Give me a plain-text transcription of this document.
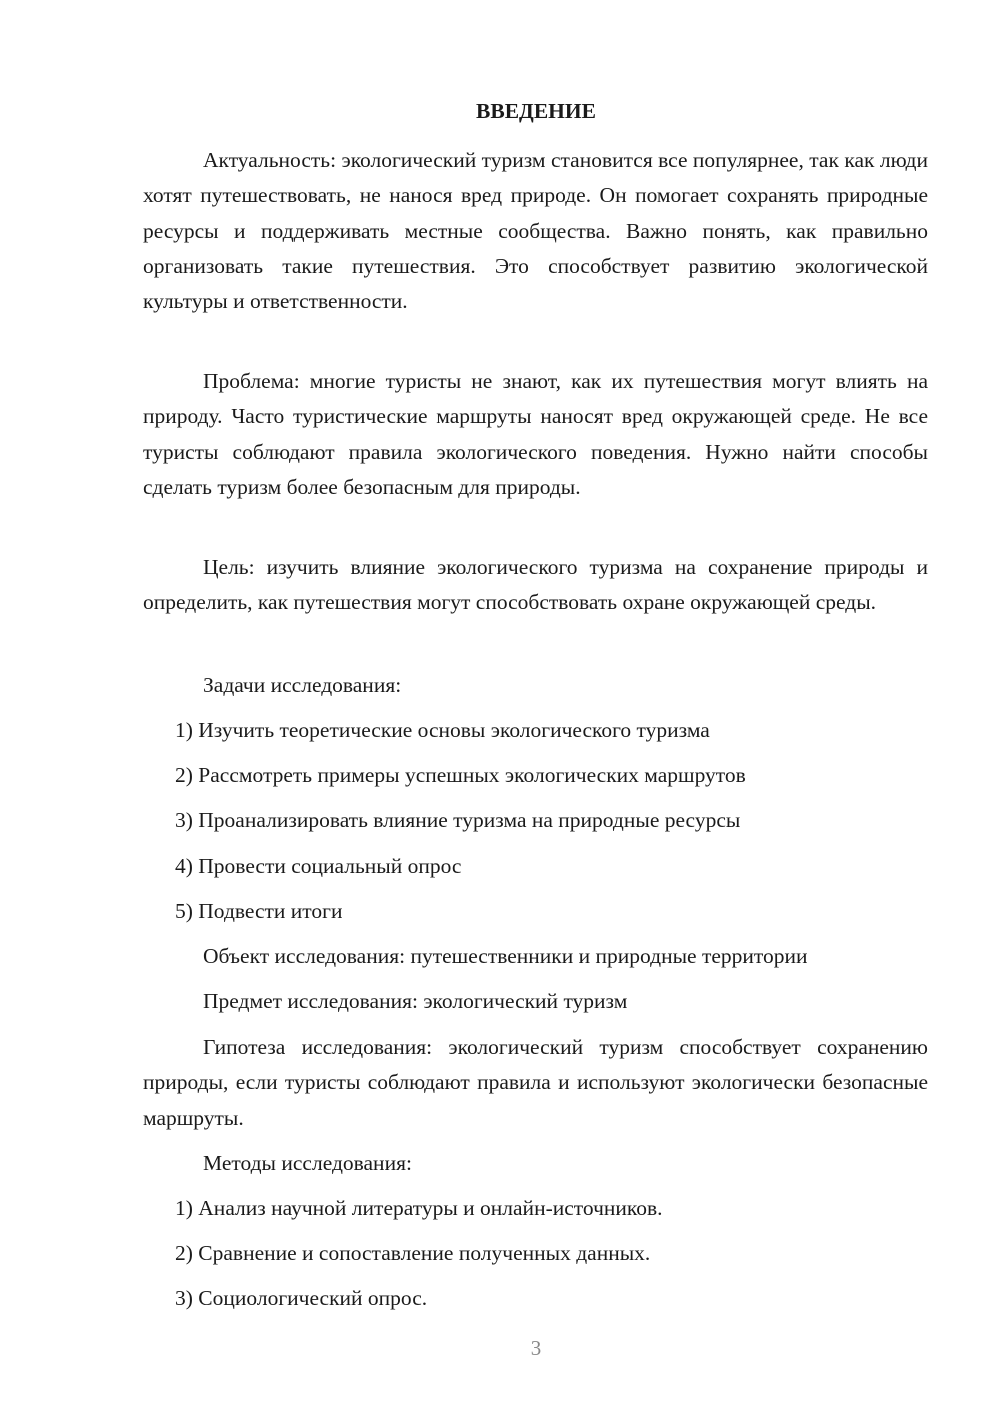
ВВЕДЕНИЕ

Актуальность: экологический туризм становится все популярнее, так как люди хотят путешествовать, не нанося вред природе. Он помогает сохранять природные ресурсы и поддерживать местные сообщества. Важно понять, как правильно организовать такие путешествия. Это способствует развитию экологической культуры и ответственности.

Проблема: многие туристы не знают, как их путешествия могут влиять на природу. Часто туристические маршруты наносят вред окружающей среде. Не все туристы соблюдают правила экологического поведения. Нужно найти способы сделать туризм более безопасным для природы.

Цель: изучить влияние экологического туризма на сохранение природы и определить, как путешествия могут способствовать охране окружающей среды.

Задачи исследования:

1) Изучить теоретические основы экологического туризма

2) Рассмотреть примеры успешных экологических маршрутов

3) Проанализировать влияние туризма на природные ресурсы

4) Провести социальный опрос

5) Подвести итоги

Объект исследования: путешественники и природные территории

Предмет исследования: экологический туризм

Гипотеза исследования: экологический туризм способствует сохранению природы, если туристы соблюдают правила и используют экологически безопасные маршруты.

Методы исследования:

1) Анализ научной литературы и онлайн-источников.

2) Сравнение и сопоставление полученных данных.

3) Социологический опрос.

3
